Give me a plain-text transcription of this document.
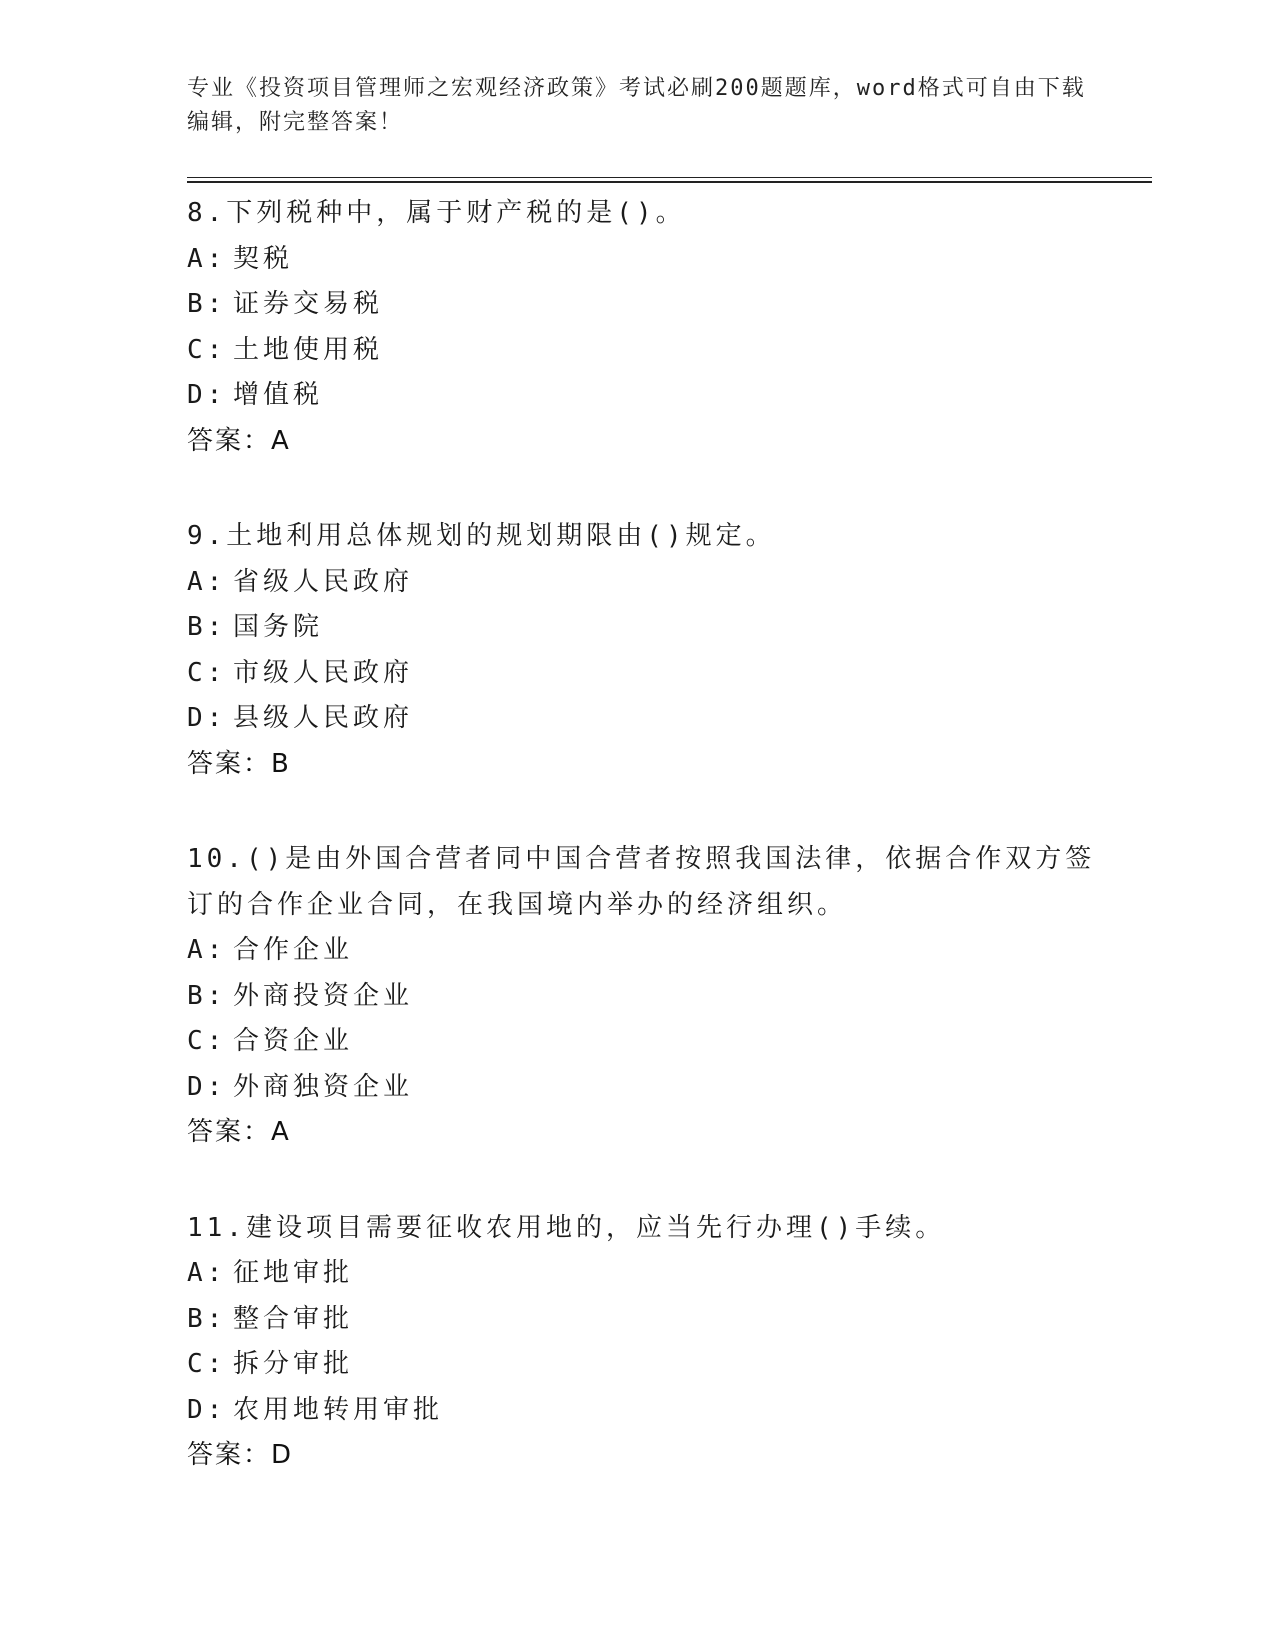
专业《投资项目管理师之宏观经济政策》考试必刷200题题库，word格式可自由下载编辑，附完整答案！
8.下列税种中，属于财产税的是()。
A: 契税
B: 证券交易税
C: 土地使用税
D: 增值税
答案：A
9.土地利用总体规划的规划期限由()规定。
A: 省级人民政府
B: 国务院
C: 市级人民政府
D: 县级人民政府
答案：B
10.()是由外国合营者同中国合营者按照我国法律，依据合作双方签订的合作企业合同，在我国境内举办的经济组织。
A: 合作企业
B: 外商投资企业
C: 合资企业
D: 外商独资企业
答案：A
11.建设项目需要征收农用地的，应当先行办理()手续。
A: 征地审批
B: 整合审批
C: 拆分审批
D: 农用地转用审批
答案：D
